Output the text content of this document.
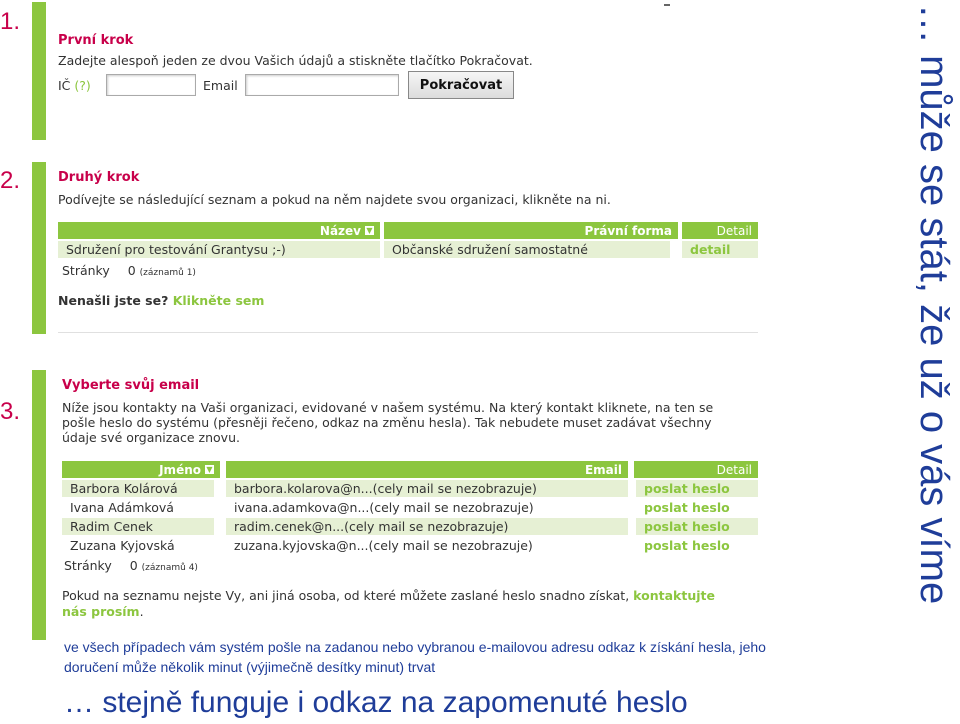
1.
2.
3.
První krok
Zadejte alespoň jeden ze dvou Vašich údajů a stiskněte tlačítko Pokračovat.
IČ (?)	Email	Pokračovat
Druhý krok
Podívejte se následující seznam a pokud na něm najdete svou organizaci, klikněte na ni.
Název ▼	Právní forma	Detail
Sdružení pro testování Grantysu ;-)	Občanské sdružení samostatné	detail
Stránky 0 (záznamů 1)
Nenašli jste se? Klikněte sem
Vyberte svůj email
Níže jsou kontakty na Vaši organizaci, evidované v našem systému. Na který kontakt kliknete, na ten se
pošle heslo do systému (přesněji řečeno, odkaz na změnu hesla). Tak nebudete muset zadávat všechny
údaje své organizace znovu.
Jméno ▼	Email	Detail
Barbora Kolárová	barbora.kolarova@n...(cely mail se nezobrazuje)	poslat heslo
Ivana Adámková	ivana.adamkova@n...(cely mail se nezobrazuje)	poslat heslo
Radim Cenek	radim.cenek@n...(cely mail se nezobrazuje)	poslat heslo
Zuzana Kyjovská	zuzana.kyjovska@n...(cely mail se nezobrazuje)	poslat heslo
Stránky 0 (záznamů 4)
Pokud na seznamu nejste Vy, ani jiná osoba, od které můžete zaslané heslo snadno získat, kontaktujte
nás prosím.
… může se stát, že už o vás víme
ve všech případech vám systém pošle na zadanou nebo vybranou e-mailovou adresu odkaz k získání hesla, jeho
doručení může několik minut (výjimečně desítky minut) trvat
… stejně funguje i odkaz na zapomenuté heslo
